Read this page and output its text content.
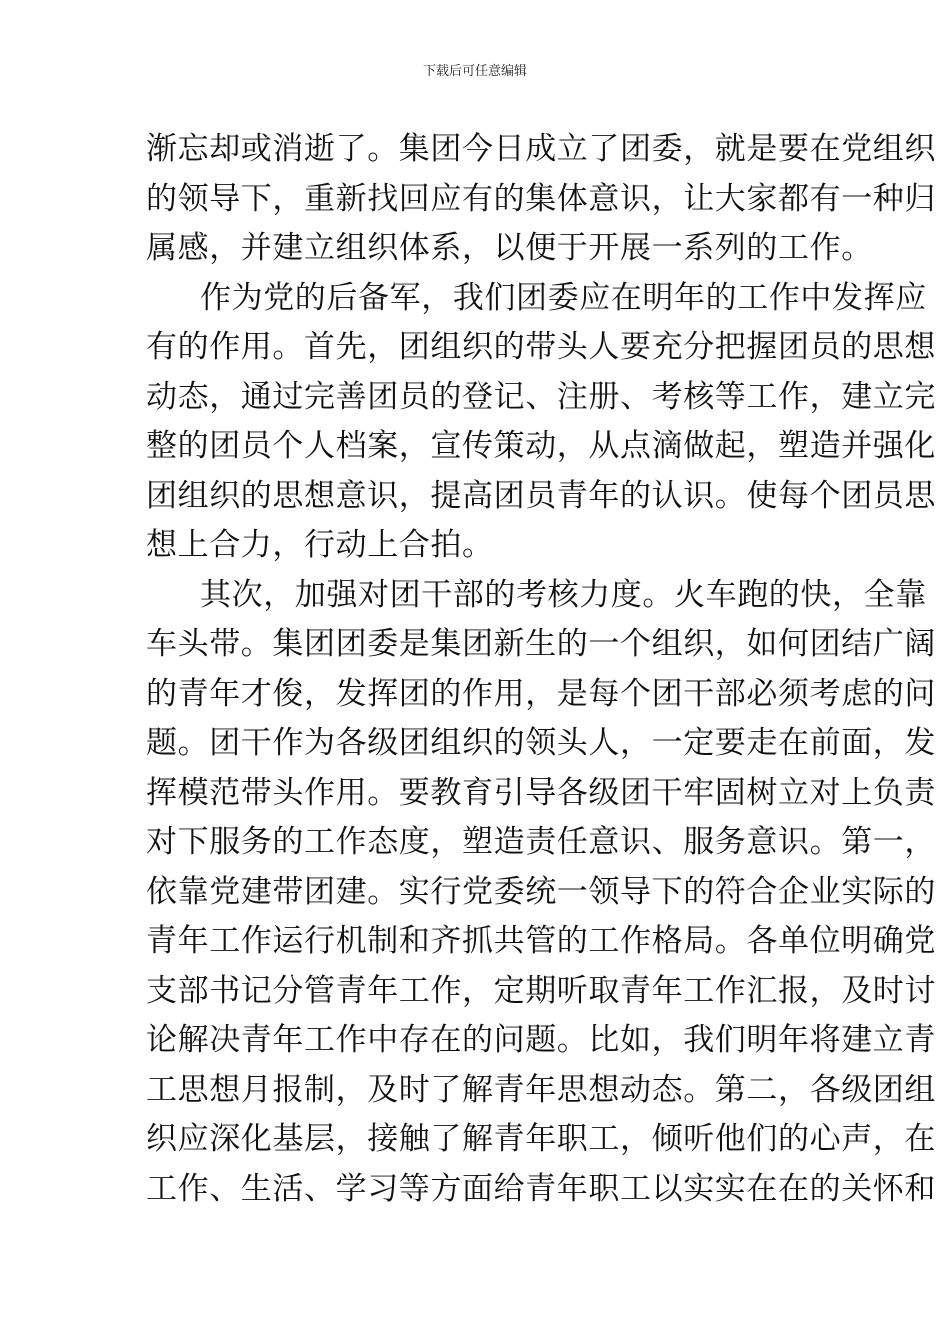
下载后可任意编辑
渐忘却或消逝了。集团今日成立了团委，就是要在党组织
的领导下，重新找回应有的集体意识，让大家都有一种归
属感，并建立组织体系，以便于开展一系列的工作。
作为党的后备军，我们团委应在明年的工作中发挥应
有的作用。首先，团组织的带头人要充分把握团员的思想
动态，通过完善团员的登记、注册、考核等工作，建立完
整的团员个人档案，宣传策动，从点滴做起，塑造并强化
团组织的思想意识，提高团员青年的认识。使每个团员思
想上合力，行动上合拍。
其次，加强对团干部的考核力度。火车跑的快，全靠
车头带。集团团委是集团新生的一个组织，如何团结广阔
的青年才俊，发挥团的作用，是每个团干部必须考虑的问
题。团干作为各级团组织的领头人，一定要走在前面，发
挥模范带头作用。要教育引导各级团干牢固树立对上负责
对下服务的工作态度，塑造责任意识、服务意识。第一，
依靠党建带团建。实行党委统一领导下的符合企业实际的
青年工作运行机制和齐抓共管的工作格局。各单位明确党
支部书记分管青年工作，定期听取青年工作汇报，及时讨
论解决青年工作中存在的问题。比如，我们明年将建立青
工思想月报制，及时了解青年思想动态。第二，各级团组
织应深化基层，接触了解青年职工，倾听他们的心声，在
工作、生活、学习等方面给青年职工以实实在在的关怀和
